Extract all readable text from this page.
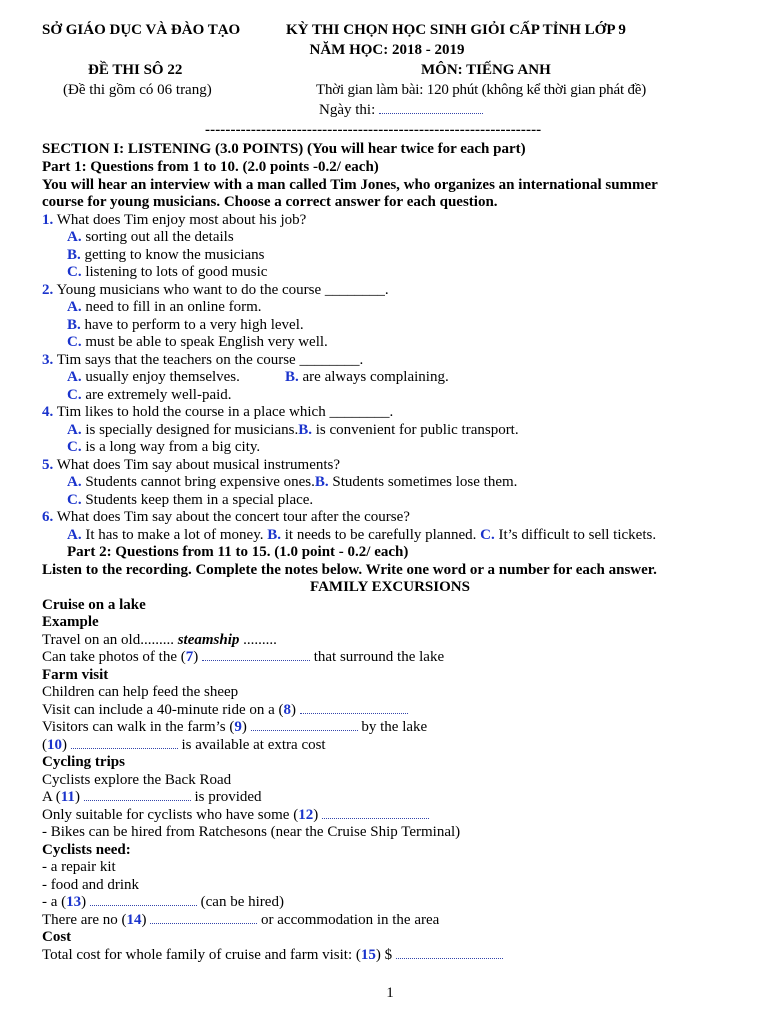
SỞ GIÁO DỤC VÀ ĐÀO TẠO	KỲ THI CHỌN HỌC SINH GIỎI CẤP TỈNH LỚP 9
NĂM HỌC: 2018 - 2019
ĐỀ THI SÔ 22	MÔN: TIẾNG ANH
(Đề thi gồm có 06 trang)	Thời gian làm bài: 120 phút (không kể thời gian phát đề)
Ngày thi:
------------------------------------------------------------------
SECTION I: LISTENING (3.0 POINTS) (You will hear twice for each part)
Part 1: Questions from 1 to 10. (2.0 points -0.2/ each)
You will hear an interview with a man called Tim Jones, who organizes an international summer
course for young musicians. Choose a correct answer for each question.
1. What does Tim enjoy most about his job?
A. sorting out all the details
B. getting to know the musicians
C. listening to lots of good music
2. Young musicians who want to do the course ________.
A. need to fill in an online form.
B. have to perform to a very high level.
C. must be able to speak English very well.
3. Tim says that the teachers on the course ________.
A. usually enjoy themselves.	B. are always complaining.
C. are extremely well-paid.
4. Tim likes to hold the course in a place which ________.
A. is specially designed for musicians.B. is convenient for public transport.
C. is a long way from a big city.
5. What does Tim say about musical instruments?
A. Students cannot bring expensive ones.B. Students sometimes lose them.
C. Students keep them in a special place.
6. What does Tim say about the concert tour after the course?
A. It has to make a lot of money. B. it needs to be carefully planned. C. It’s difficult to sell tickets.
Part 2: Questions from 11 to 15. (1.0 point - 0.2/ each)
Listen to the recording. Complete the notes below. Write one word or a number for each answer.
FAMILY EXCURSIONS
Cruise on a lake
Example
Travel on an old......... steamship .........
Can take photos of the (7)	that surround the lake
Farm visit
Children can help feed the sheep
Visit can include a 40-minute ride on a (8)
Visitors can walk in the farm’s (9)	by the lake
(10)	is available at extra cost
Cycling trips
Cyclists explore the Back Road
A (11)	is provided
Only suitable for cyclists who have some (12)
- Bikes can be hired from Ratchesons (near the Cruise Ship Terminal)
Cyclists need:
- a repair kit
- food and drink
- a (13)	(can be hired)
There are no (14)	or accommodation in the area
Cost
Total cost for whole family of cruise and farm visit: (15) $
1
